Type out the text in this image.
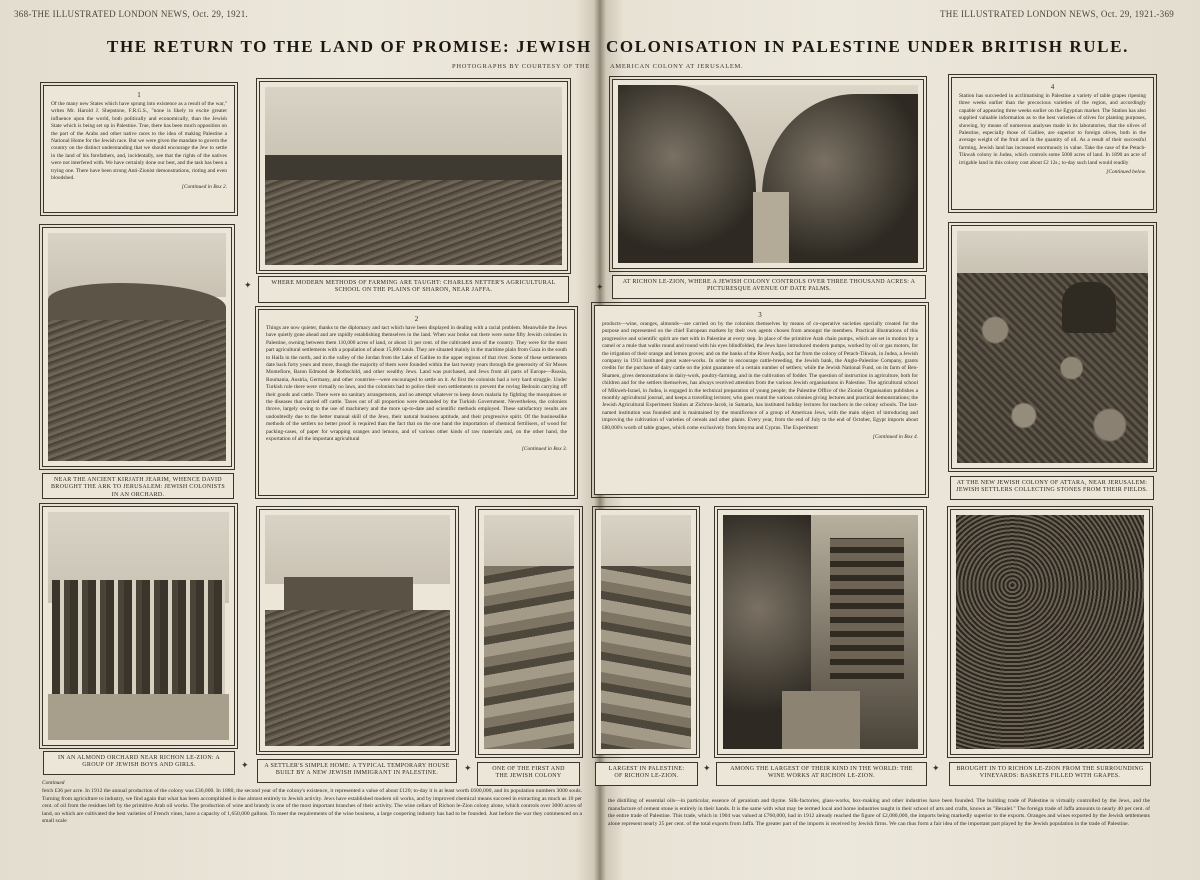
368-THE ILLUSTRATED LONDON NEWS, Oct. 29, 1921.	THE ILLUSTRATED LONDON NEWS, Oct. 29, 1921.-369
THE RETURN TO THE LAND OF PROMISE: JEWISH COLONISATION IN PALESTINE UNDER BRITISH RULE.
PHOTOGRAPHS BY COURTESY OF THE	AMERICAN COLONY AT JERUSALEM.
1
Of the many new States which have sprung into existence as a result of the war," writes Mr. Harold J. Shepstone, F.R.G.S., "none is likely to excite greater influence upon the world, both politically and economically, than the Jewish State which is being set up in Palestine. True, there has been much opposition on the part of the Arabs and other native races to the idea of making Palestine a National Home for the Jewish race. But we were given the mandate to govern the country on the distinct understanding that we should encourage the Jew to settle in the land of his forefathers, and, incidentally, see that the rights of the natives were not interfered with. We have certainly done our best, and the task has been a trying one. There have been strong Anti-Zionist demonstrations, rioting and even bloodshed.
[Continued in Box 2.
WHERE MODERN METHODS OF FARMING ARE TAUGHT: CHARLES NETTER'S AGRICULTURAL SCHOOL ON THE PLAINS OF SHARON, NEAR JAFFA.
AT RICHON LE-ZION, WHERE A JEWISH COLONY CONTROLS OVER THREE THOUSAND ACRES: A PICTURESQUE AVENUE OF DATE PALMS.
4
Station has succeeded in acclimatising in Palestine a variety of table grapes ripening three weeks earlier than the precocious varieties of the region, and accordingly capable of appearing three weeks earlier on the Egyptian market. The Station has also supplied valuable information as to the best varieties of olives for planting purposes, showing, by means of numerous analyses made in its laboratories, that the olives of Palestine, especially those of Galilee, are superior to foreign olives, both in the average weight of the fruit and in the quantity of oil. As a result of their successful farming, Jewish land has increased enormously in value. Take the case of the Petach-Tikwah colony in Judea, which controls some 5000 acres of land. In 1890 an acre of irrigable land in this colony cost about £2 12s.; to-day such land would readily
[Continued below.
NEAR THE ANCIENT KIRJATH JEARIM, WHENCE DAVID BROUGHT THE ARK TO JERUSALEM: JEWISH COLONISTS IN AN ORCHARD.
2
Things are now quieter, thanks to the diplomacy and tact which have been displayed in dealing with a racial problem. Meanwhile the Jews have quietly gone ahead and are rapidly establishing themselves in the land. When war broke out there were some fifty Jewish colonies in Palestine, owning between them 110,000 acres of land, or about 11 per cent. of the cultivated area of the country. They were for the most part agricultural settlements with a population of about 15,000 souls. They are situated mainly in the maritime plain from Gaza in the south to Haifa in the north, and in the valley of the Jordan from the Lake of Galilee to the upper regions of that river. Some of these settlements date back forty years and more, though the majority of them were founded within the last twenty years through the generosity of Sir Moses Montefiore, Baron Edmond de Rothschild, and other wealthy Jews. Land was purchased, and Jews from all parts of Europe—Russia, Roumania, Austria, Germany, and other countries—were encouraged to settle on it. At first the colonists had a very hard struggle. Under Turkish rule there were virtually no laws, and the colonists had to police their own settlements to prevent the roving Bedouin carrying off their goods and cattle. There were no sanitary arrangements, and no attempt whatever to keep down malaria by fighting the mosquitoes or the diseases that carried off cattle. Taxes out of all proportion were demanded by the Turkish Government. Nevertheless, the colonists throve, largely owing to the use of machinery and the more up-to-date and scientific methods employed. These satisfactory results are undoubtedly due to the better manual skill of the Jews, their natural business aptitude, and their progressive spirit. Of the businesslike methods of the settlers no better proof is required than the fact that on the one hand the importation of chemical fertilisers, of wood for packing-cases, of paper for wrapping oranges and lemons, and of various other kinds of raw materials and, on the other hand, the exportation of all the important agricultural
[Continued in Box 3.
3
products—wine, oranges, almonds—are carried on by the colonists themselves by means of co-operative societies specially created for the purpose and represented on the chief European markets by their own agents chosen from amongst the members. Practical illustrations of this progressive and scientific spirit are met with in Palestine at every step. In place of the primitive Arab chain pumps, which are set in motion by a camel or a mule that walks round and round with his eyes blindfolded, the Jews have introduced modern pumps, worked by oil or gas motors, for the irrigation of their orange and lemon groves; and on the banks of the River Audja, not far from the colony of Petach-Tikwah, in Judea, a Jewish company in 1913 instituted great water-works. In order to encourage cattle-breeding, the Jewish bank, the Anglo-Palestine Company, grants credits for the purchase of dairy cattle on the joint guarantee of a certain number of settlers; while the Jewish National Fund, on its farm of Ben-Shamen, gives demonstrations in dairy-work, poultry-farming, and in the cultivation of fodder. The question of instruction in agriculture, both for children and for the settlers themselves, has always received attention from the various Jewish organisations in Palestine. The agricultural school of Mikweh-Israel, in Judea, is engaged in the technical preparation of young people; the Palestine Office of the Zionist Organisation publishes a monthly agricultural journal, and keeps a travelling lecturer, who goes round the various colonies giving lectures and practical demonstrations; the Jewish Agricultural Experiment Station at Zichron-Jacob, in Samaria, has instituted holiday lectures for teachers in the colony schools. The last-named institution was founded and is maintained by the munificence of a group of American Jews, with the main object of introducing and improving the cultivation of varieties of cereals and other plants. Every year, from the end of July to the end of October, Egypt imports about £80,000's worth of table grapes, which come exclusively from Smyrna and Cyprus. The Experiment
[Continued in Box 4.
AT THE NEW JEWISH COLONY OF ATTARA, NEAR JERUSALEM: JEWISH SETTLERS COLLECTING STONES FROM THEIR FIELDS.
IN AN ALMOND ORCHARD NEAR RICHON LE-ZION: A GROUP OF JEWISH BOYS AND GIRLS.	A SETTLER'S SIMPLE HOME: A TYPICAL TEMPORARY HOUSE BUILT BY A NEW JEWISH IMMIGRANT IN PALESTINE.
ONE OF THE FIRST AND
THE JEWISH COLONY
LARGEST IN PALESTINE:
OF RICHON LE-ZION.
AMONG THE LARGEST OF THEIR KIND IN THE WORLD: THE WINE WORKS AT RICHON LE-ZION.
BROUGHT IN TO RICHON LE-ZION FROM THE SURROUNDING VINEYARDS: BASKETS FILLED WITH GRAPES.
✦	✦	✦	✦
✦	✦
Continued
fetch £36 per acre. In 1912 the annual production of the colony was £36,000. In 1880, the second year of the colony's existence, it represented a value of about £120; to-day it is at least worth £600,000, and its population numbers 3000 souls. Turning from agriculture to industry, we find again that what has been accomplished is due almost entirely to Jewish activity. Jews have established modern oil works, and by improved chemical means succeed in extracting as much as 10 per cent. of oil from the residues left by the primitive Arab oil works. The production of wine and brandy is one of the most important branches of their activity. The wine cellars of Richon le-Zion colony alone, which controls over 3000 acres of land, on which are cultivated the best varieties of French vines, have a capacity of 1,650,000 gallons. To meet the requirements of the wine business, a large coopering industry has had to be founded. Just before the war they commenced on a small scale
the distilling of essential oils—in particular, essence of geranium and thyme. Silk-factories, glass-works, box-making and other industries have been founded. The building trade of Palestine is virtually controlled by the Jews, and the manufacture of cement stone is entirely in their hands. It is the same with what may be termed local and home industries taught in their school of arts and crafts, known as "Bezalel." The foreign trade of Jaffa amounts to nearly 40 per cent. of the entire trade of Palestine. This trade, which in 1904 was valued at £760,000, had in 1912 already reached the figure of £2,080,000, the imports being markedly superior to the exports. Oranges and wines exported by the Jewish settlements alone represent nearly 25 per cent. of the total exports from Jaffa. The greater part of the imports is received by Jewish firms. We can thus form a fair idea of the important part played by the Jewish population in the trade of Palestine.
